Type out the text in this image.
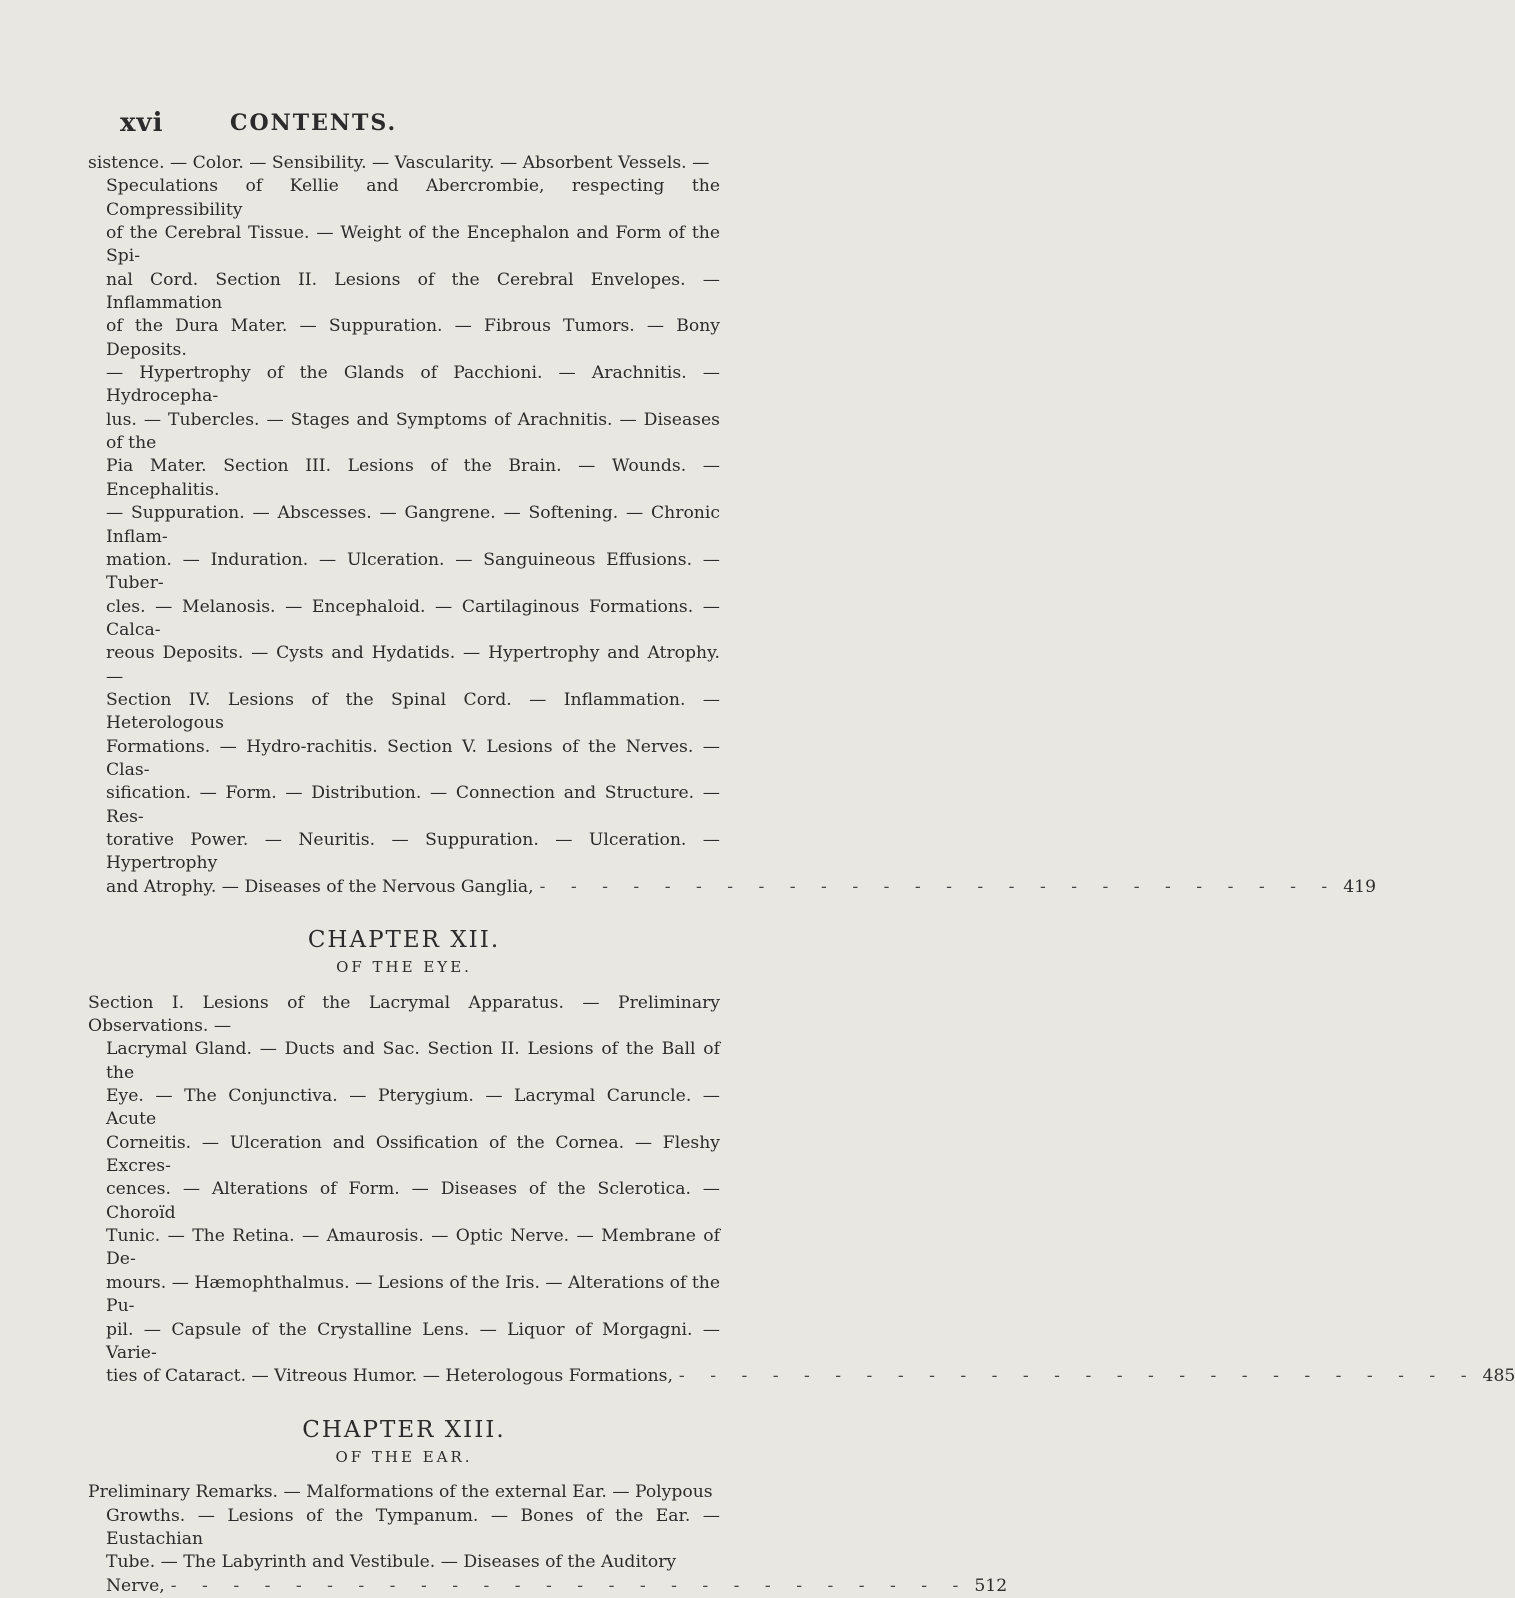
xvi	CONTENTS.
sistence. — Color. — Sensibility. — Vascularity. — Absorbent Vessels. —
Speculations of Kellie and Abercrombie, respecting the Compressibility
of the Cerebral Tissue. — Weight of the Encephalon and Form of the Spi-
nal Cord. Section II. Lesions of the Cerebral Envelopes. — Inflammation
of the Dura Mater. — Suppuration. — Fibrous Tumors. — Bony Deposits.
— Hypertrophy of the Glands of Pacchioni. — Arachnitis. — Hydrocepha-
lus. — Tubercles. — Stages and Symptoms of Arachnitis. — Diseases of the
Pia Mater. Section III. Lesions of the Brain. — Wounds. — Encephalitis.
— Suppuration. — Abscesses. — Gangrene. — Softening. — Chronic Inflam-
mation. — Induration. — Ulceration. — Sanguineous Effusions. — Tuber-
cles. — Melanosis. — Encephaloid. — Cartilaginous Formations. — Calca-
reous Deposits. — Cysts and Hydatids. — Hypertrophy and Atrophy. —
Section IV. Lesions of the Spinal Cord. — Inflammation. — Heterologous
Formations. — Hydro-rachitis. Section V. Lesions of the Nerves. — Clas-
sification. — Form. — Distribution. — Connection and Structure. — Res-
torative Power. — Neuritis. — Suppuration. — Ulceration. — Hypertrophy
and Atrophy. — Diseases of the Nervous Ganglia, - - - - - - - - - - - - - - - - - - - - - - - - - - 419
CHAPTER XII.
OF THE EYE.
Section I. Lesions of the Lacrymal Apparatus. — Preliminary Observations. —
Lacrymal Gland. — Ducts and Sac. Section II. Lesions of the Ball of the
Eye. — The Conjunctiva. — Pterygium. — Lacrymal Caruncle. — Acute
Corneitis. — Ulceration and Ossification of the Cornea. — Fleshy Excres-
cences. — Alterations of Form. — Diseases of the Sclerotica. — Choroïd
Tunic. — The Retina. — Amaurosis. — Optic Nerve. — Membrane of De-
mours. — Hæmophthalmus. — Lesions of the Iris. — Alterations of the Pu-
pil. — Capsule of the Crystalline Lens. — Liquor of Morgagni. — Varie-
ties of Cataract. — Vitreous Humor. — Heterologous Formations, - - - - - - - - - - - - - - - - - - - - - - - - - - 485
CHAPTER XIII.
OF THE EAR.
Preliminary Remarks. — Malformations of the external Ear. — Polypous
Growths. — Lesions of the Tympanum. — Bones of the Ear. — Eustachian
Tube. — The Labyrinth and Vestibule. — Diseases of the Auditory
Nerve, - - - - - - - - - - - - - - - - - - - - - - - - - - 512
